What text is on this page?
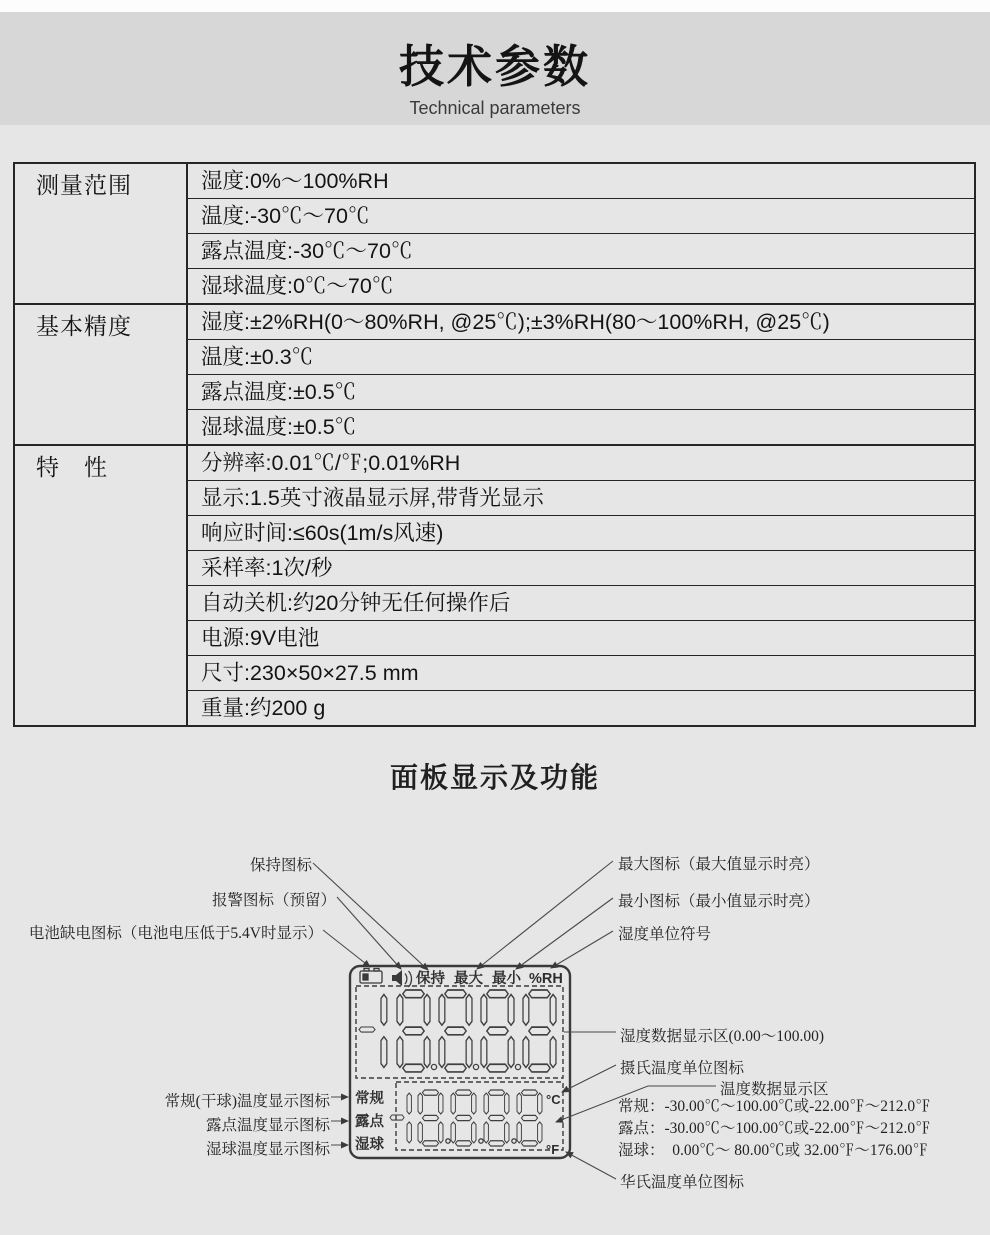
技术参数
Technical parameters
测量范围	湿度:0%～100%RH
温度:-30℃～70℃
露点温度:-30℃～70℃
湿球温度:0℃～70℃
基本精度	湿度:±2%RH(0～80%RH, @25℃);±3%RH(80～100%RH, @25℃)
温度:±0.3℃
露点温度:±0.5℃
湿球温度:±0.5℃
特　性	分辨率:0.01℃/℉;0.01%RH
显示:1.5英寸液晶显示屏,带背光显示
响应时间:≤60s(1m/s风速)
采样率:1次/秒
自动关机:约20分钟无任何操作后
电源:9V电池
尺寸:230×50×27.5 mm
重量:约200 g
面板显示及功能
保持图标
报警图标（预留）
电池缺电图标（电池电压低于5.4V时显示）
最大图标（最大值显示时亮）
最小图标（最小值显示时亮）
湿度单位符号
常规(干球)温度显示图标
露点温度显示图标
湿球温度显示图标
湿度数据显示区(0.00～100.00)
摄氏温度单位图标
温度数据显示区
常规：-30.00℃～100.00℃或-22.00℉～212.0℉
露点：-30.00℃～100.00℃或-22.00℉～212.0℉
湿球：  0.00℃～ 80.00℃或 32.00℉～176.00℉
华氏温度单位图标
保持 最大 最小 %RH
常规
露点
湿球
°C
°F
